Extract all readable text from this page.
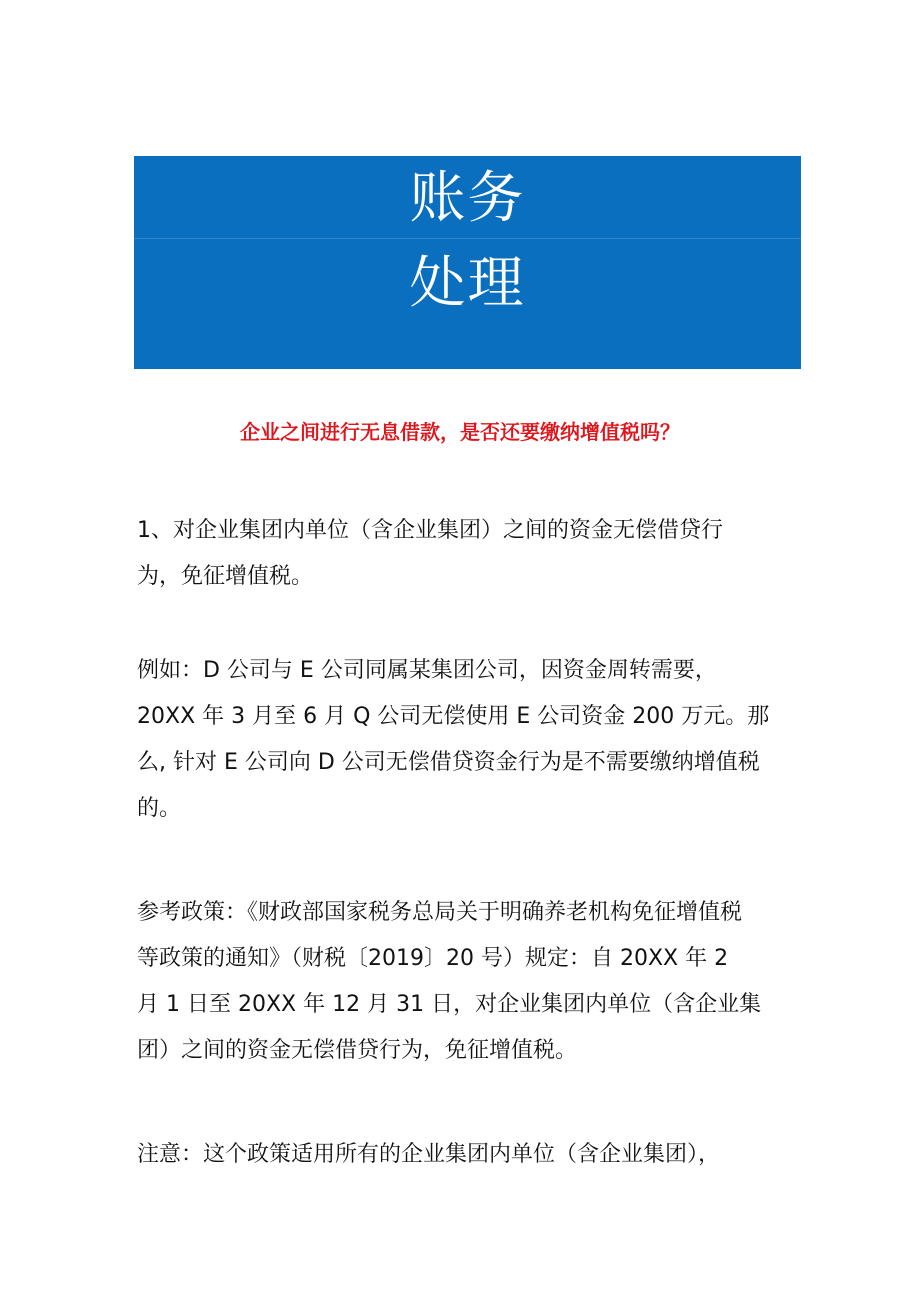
账务
处理
企业之间进行无息借款，是否还要缴纳增值税吗？

1、对企业集团内单位（含企业集团）之间的资金无偿借贷行
为，免征增值税。

例如：D 公司与 E 公司同属某集团公司，因资金周转需要，
20XX 年 3 月至 6 月 Q 公司无偿使用 E 公司资金 200 万元。那
么, 针对 E 公司向 D 公司无偿借贷资金行为是不需要缴纳增值税
的。

参考政策：《财政部国家税务总局关于明确养老机构免征增值税
等政策的通知》（财税〔2019〕20 号）规定：自 20XX 年 2
月 1 日至 20XX 年 12 月 31 日，对企业集团内单位（含企业集
团）之间的资金无偿借贷行为，免征增值税。

注意：这个政策适用所有的企业集团内单位（含企业集团），
